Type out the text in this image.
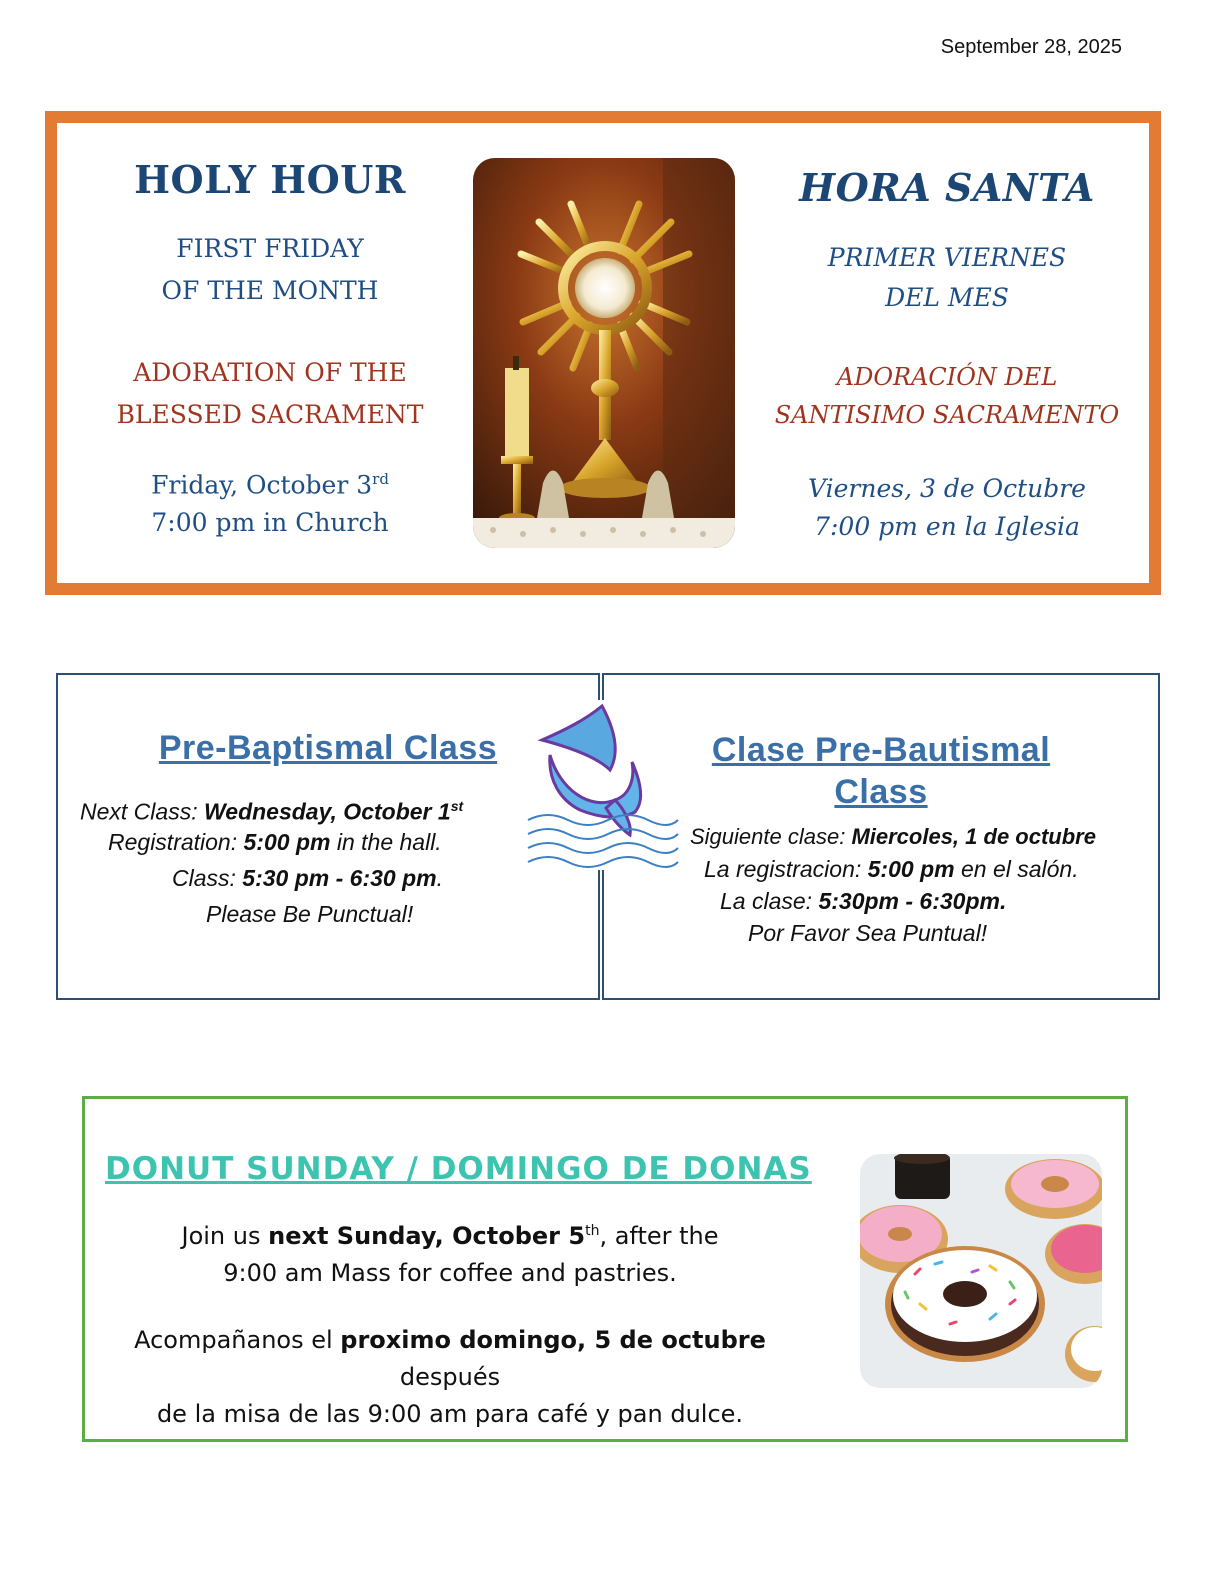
September 28, 2025
HOLY HOUR
FIRST FRIDAY
OF THE MONTH
ADORATION OF THE
BLESSED SACRAMENT
Friday, October 3rd
7:00 pm in Church
HORA SANTA
PRIMER VIERNES
DEL MES
ADORACIÓN DEL
SANTISIMO SACRAMENTO
Viernes, 3 de Octubre
7:00 pm en la Iglesia
Pre-Baptismal Class
Next Class: Wednesday, October 1st
Registration: 5:00 pm in the hall.
Class: 5:30 pm - 6:30 pm.
Please Be Punctual!
Clase Pre-Bautismal
Class
Siguiente clase: Miercoles, 1 de octubre
La registracion: 5:00 pm en el salón.
La clase: 5:30pm - 6:30pm.
Por Favor Sea Puntual!
DONUT SUNDAY / DOMINGO DE DONAS
Join us next Sunday, October 5th, after the
9:00 am Mass for coffee and pastries.
Acompañanos el proximo domingo, 5 de octubre después
de la misa de las 9:00 am para café y pan dulce.
